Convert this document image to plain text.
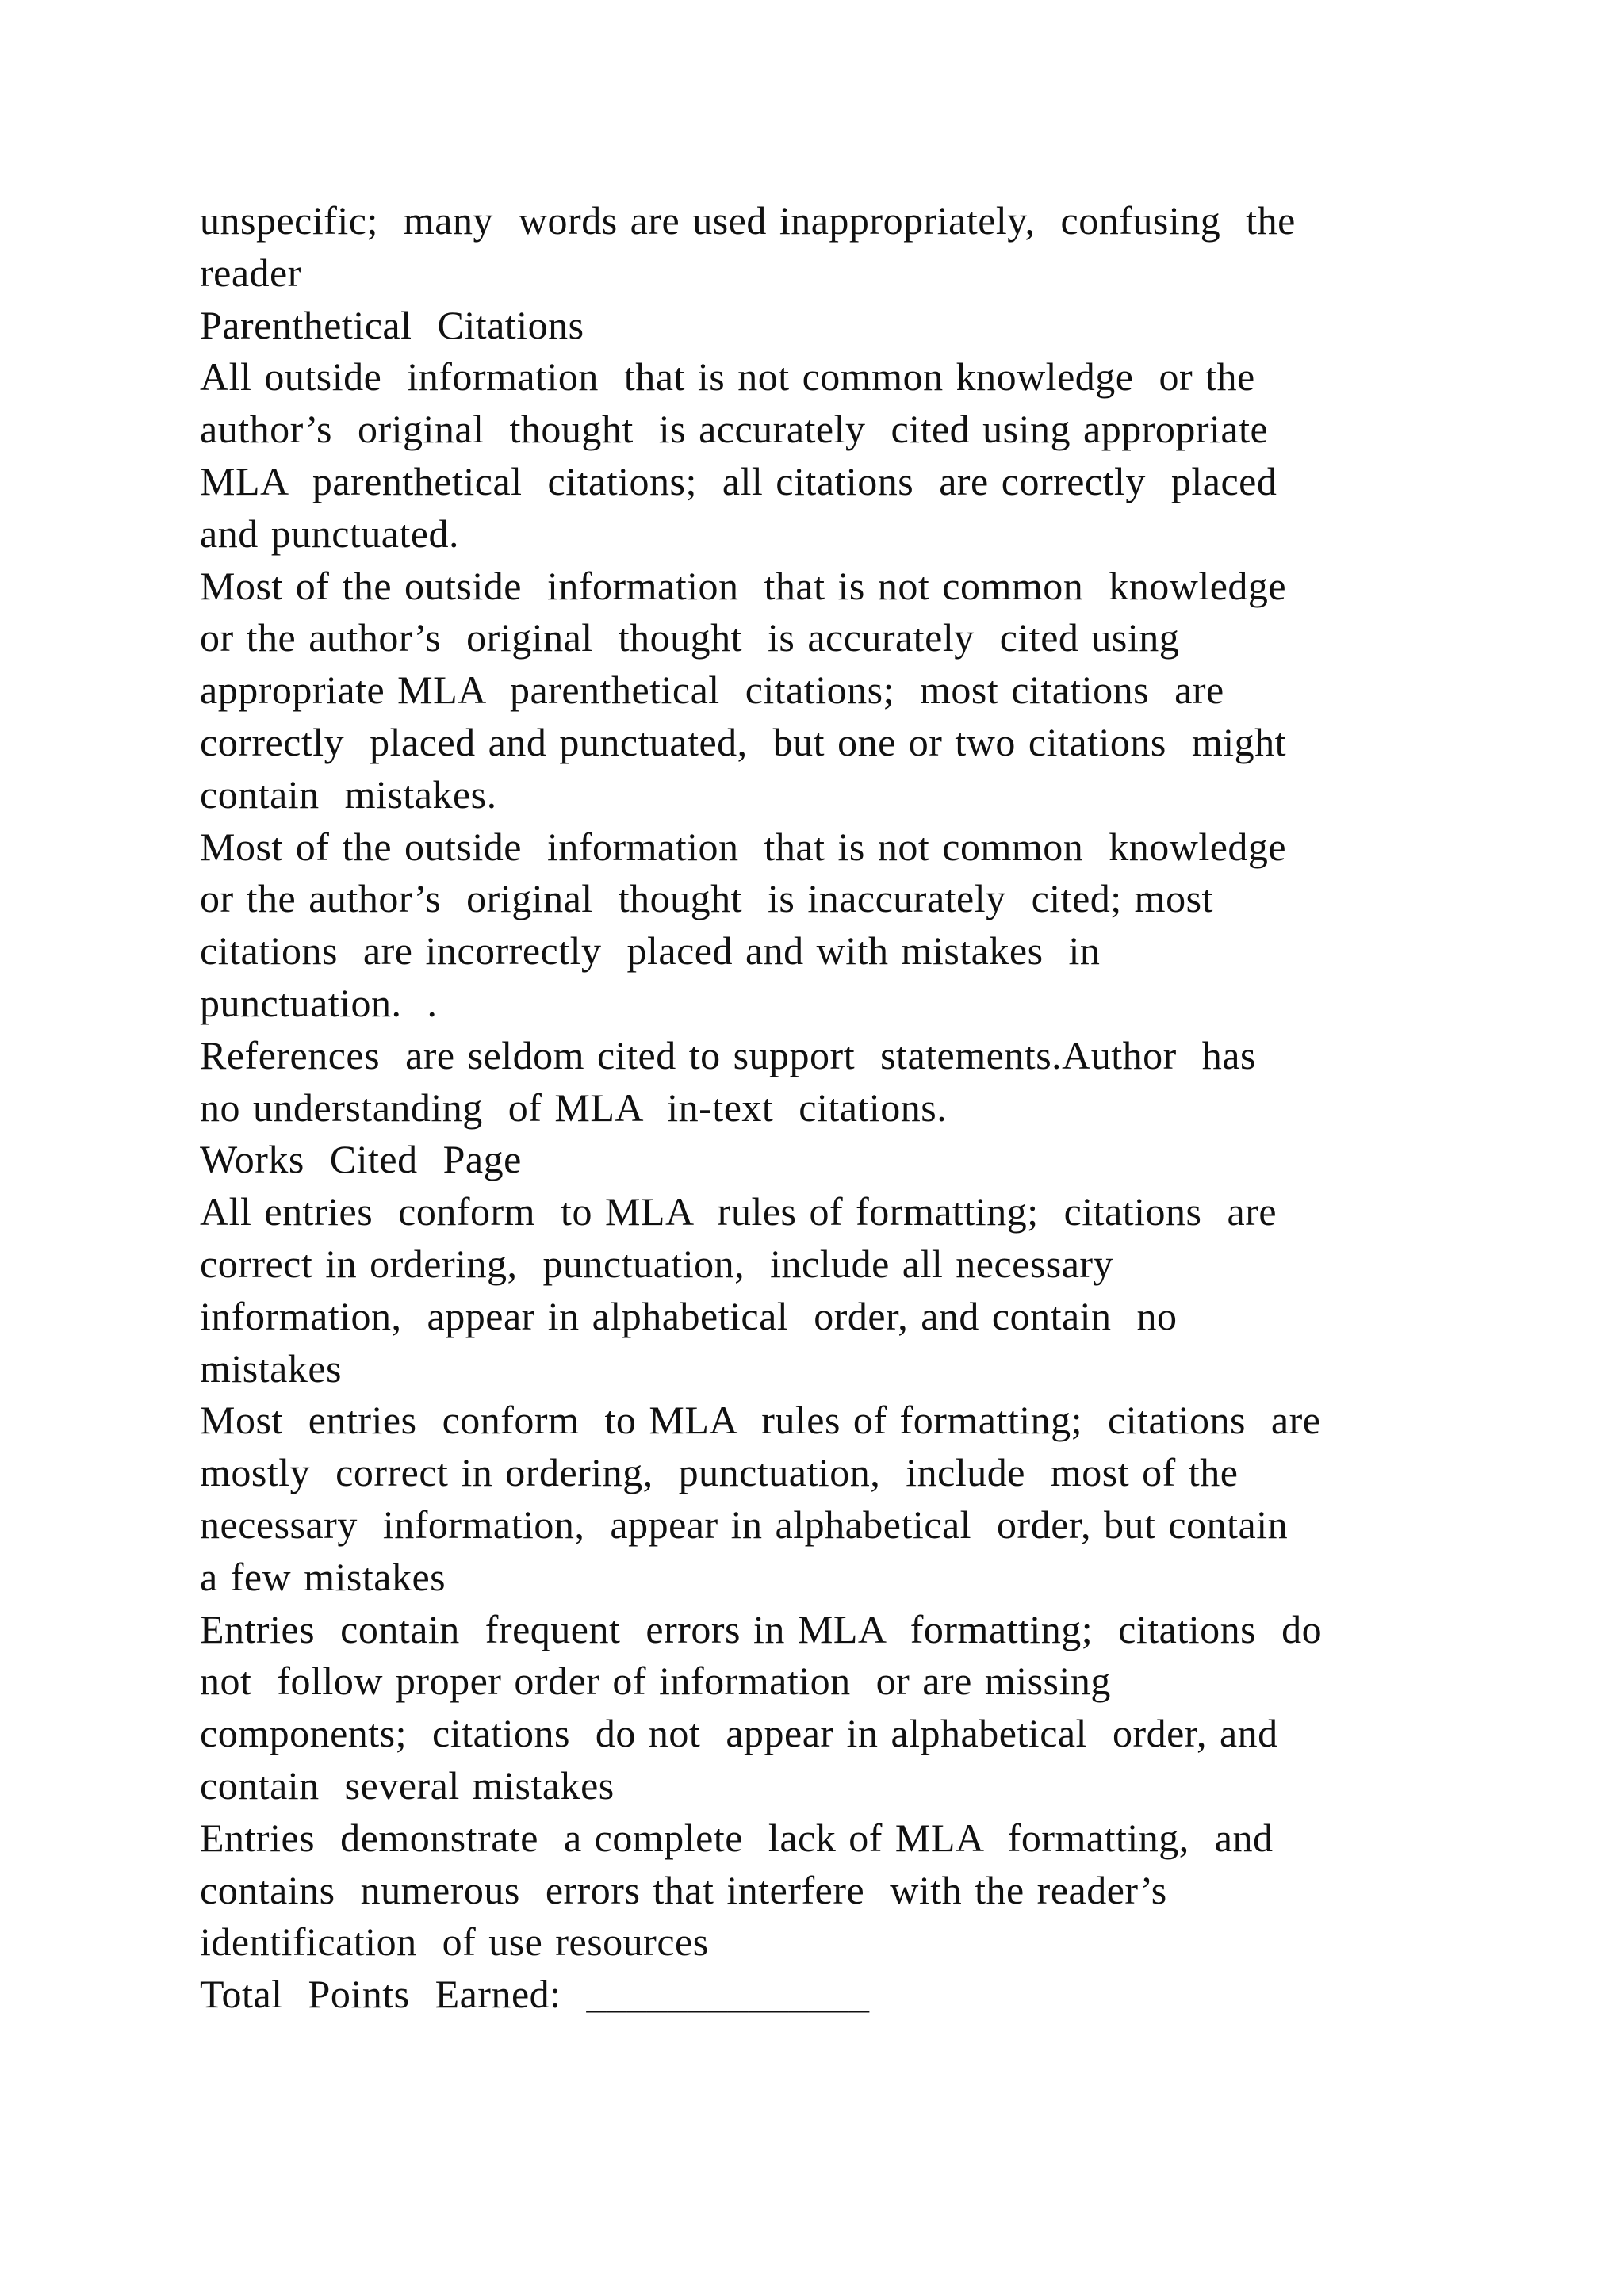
unspecific;  many  words are used inappropriately,  confusing  the
reader
Parenthetical  Citations
All outside  information  that is not common knowledge  or the
author’s  original  thought  is accurately  cited using appropriate
MLA  parenthetical  citations;  all citations  are correctly  placed
and punctuated.
Most of the outside  information  that is not common  knowledge
or the author’s  original  thought  is accurately  cited using
appropriate MLA  parenthetical  citations;  most citations  are
correctly  placed and punctuated,  but one or two citations  might
contain  mistakes.
Most of the outside  information  that is not common  knowledge
or the author’s  original  thought  is inaccurately  cited; most
citations  are incorrectly  placed and with mistakes  in
punctuation.  .
References  are seldom cited to support  statements.Author  has
no understanding  of MLA  in-text  citations.
Works  Cited  Page
All entries  conform  to MLA  rules of formatting;  citations  are
correct in ordering,  punctuation,  include all necessary
information,  appear in alphabetical  order, and contain  no
mistakes
Most  entries  conform  to MLA  rules of formatting;  citations  are
mostly  correct in ordering,  punctuation,  include  most of the
necessary  information,  appear in alphabetical  order, but contain
a few mistakes
Entries  contain  frequent  errors in MLA  formatting;  citations  do
not  follow proper order of information  or are missing
components;  citations  do not  appear in alphabetical  order, and
contain  several mistakes
Entries  demonstrate  a complete  lack of MLA  formatting,  and
contains  numerous  errors that interfere  with the reader’s
identification  of use resources
Total  Points  Earned:  ______________
